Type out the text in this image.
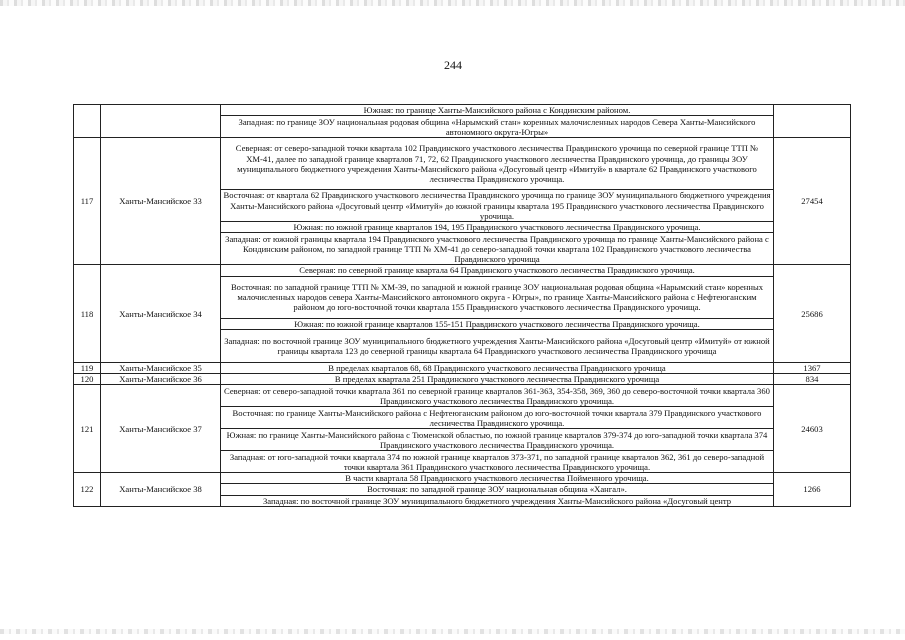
244
		Южная: по границе Ханты-Мансийского района с Кондинским районом.	
		Западная: по границе ЗОУ национальная родовая община «Нарымский стан» коренных малочисленных народов Севера Ханты-Мансийского автономного округа-Югры»	
117	Ханты-Мансийское 33	Северная: от северо-западной точки квартала 102 Правдинского участкового лесничества Правдинского урочища по северной границе ТТП № ХМ-41, далее по западной границе кварталов 71, 72, 62 Правдинского участкового лесничества Правдинского урочища, до границы ЗОУ муниципального бюджетного учреждения Ханты-Мансийского района «Досуговый центр «Имитуй» в квартале 62 Правдинского участкового лесничества Правдинского урочища.	27454
		Восточная: от квартала 62 Правдинского участкового лесничества Правдинского урочища по границе ЗОУ муниципального бюджетного учреждения Ханты-Мансийского района «Досуговый центр «Имитуй» до южной границы квартала 195 Правдинского участкового лесничества Правдинского урочища.	
		Южная: по южной границе кварталов 194, 195 Правдинского участкового лесничества Правдинского урочища.	
		Западная: от южной границы квартала 194 Правдинского участкового лесничества Правдинского урочища по границе Ханты-Мансийского района с Кондинским районом, по западной границе ТТП № ХМ-41 до северо-западной точки квартала 102 Правдинского участкового лесничества Правдинского урочища	
118	Ханты-Мансийское 34	Северная: по северной границе квартала 64 Правдинского участкового лесничества Правдинского урочища.	25686
		Восточная: по западной границе ТТП № ХМ-39, по западной и южной границе ЗОУ национальная родовая община «Нарымский стан» коренных малочисленных народов севера Ханты-Мансийского автономного округа - Югры», по границе Ханты-Мансийского района с Нефтеюганским районом до юго-восточной точки квартала 155 Правдинского участкового лесничества Правдинского урочища.	
		Южная: по южной границе кварталов 155-151 Правдинского участкового лесничества Правдинского урочища.	
		Западная: по восточной границе ЗОУ муниципального бюджетного учреждения Ханты-Мансийского района «Досуговый центр «Имитуй» от южной границы квартала 123 до северной границы квартала 64 Правдинского участкового лесничества Правдинского урочища	
119	Ханты-Мансийское 35	В пределах кварталов 68, 68 Правдинского участкового лесничества Правдинского урочища	1367
120	Ханты-Мансийское 36	В пределах квартала 251 Правдинского участкового лесничества Правдинского урочища	834
121	Ханты-Мансийское 37	Северная: от северо-западной точки квартала 361 по северной границе кварталов 361-363, 354-358, 369, 360 до северо-восточной точки квартала 360 Правдинского участкового лесничества Правдинского урочища.	24603
		Восточная: по границе Ханты-Мансийского района с Нефтеюганским районом до юго-восточной точки квартала 379 Правдинского участкового лесничества Правдинского урочища.	
		Южная: по границе Ханты-Мансийского района с Тюменской областью, по южной границе кварталов 379-374 до юго-западной точки квартала 374 Правдинского участкового лесничества Правдинского урочища.	
		Западная: от юго-западной точки квартала 374 по южной границе кварталов 373-371, по западной границе кварталов 362, 361 до северо-западной точки квартала 361 Правдинского участкового лесничества Правдинского урочища.	
122	Ханты-Мансийское 38	В части квартала 58 Правдинского участкового лесничества Пойменного урочища.	1266
		Восточная: по западной границе ЗОУ национальная община «Хангал».	
		Западная: по восточной границе ЗОУ муниципального бюджетного учреждения Ханты-Мансийского района «Досуговый центр	
